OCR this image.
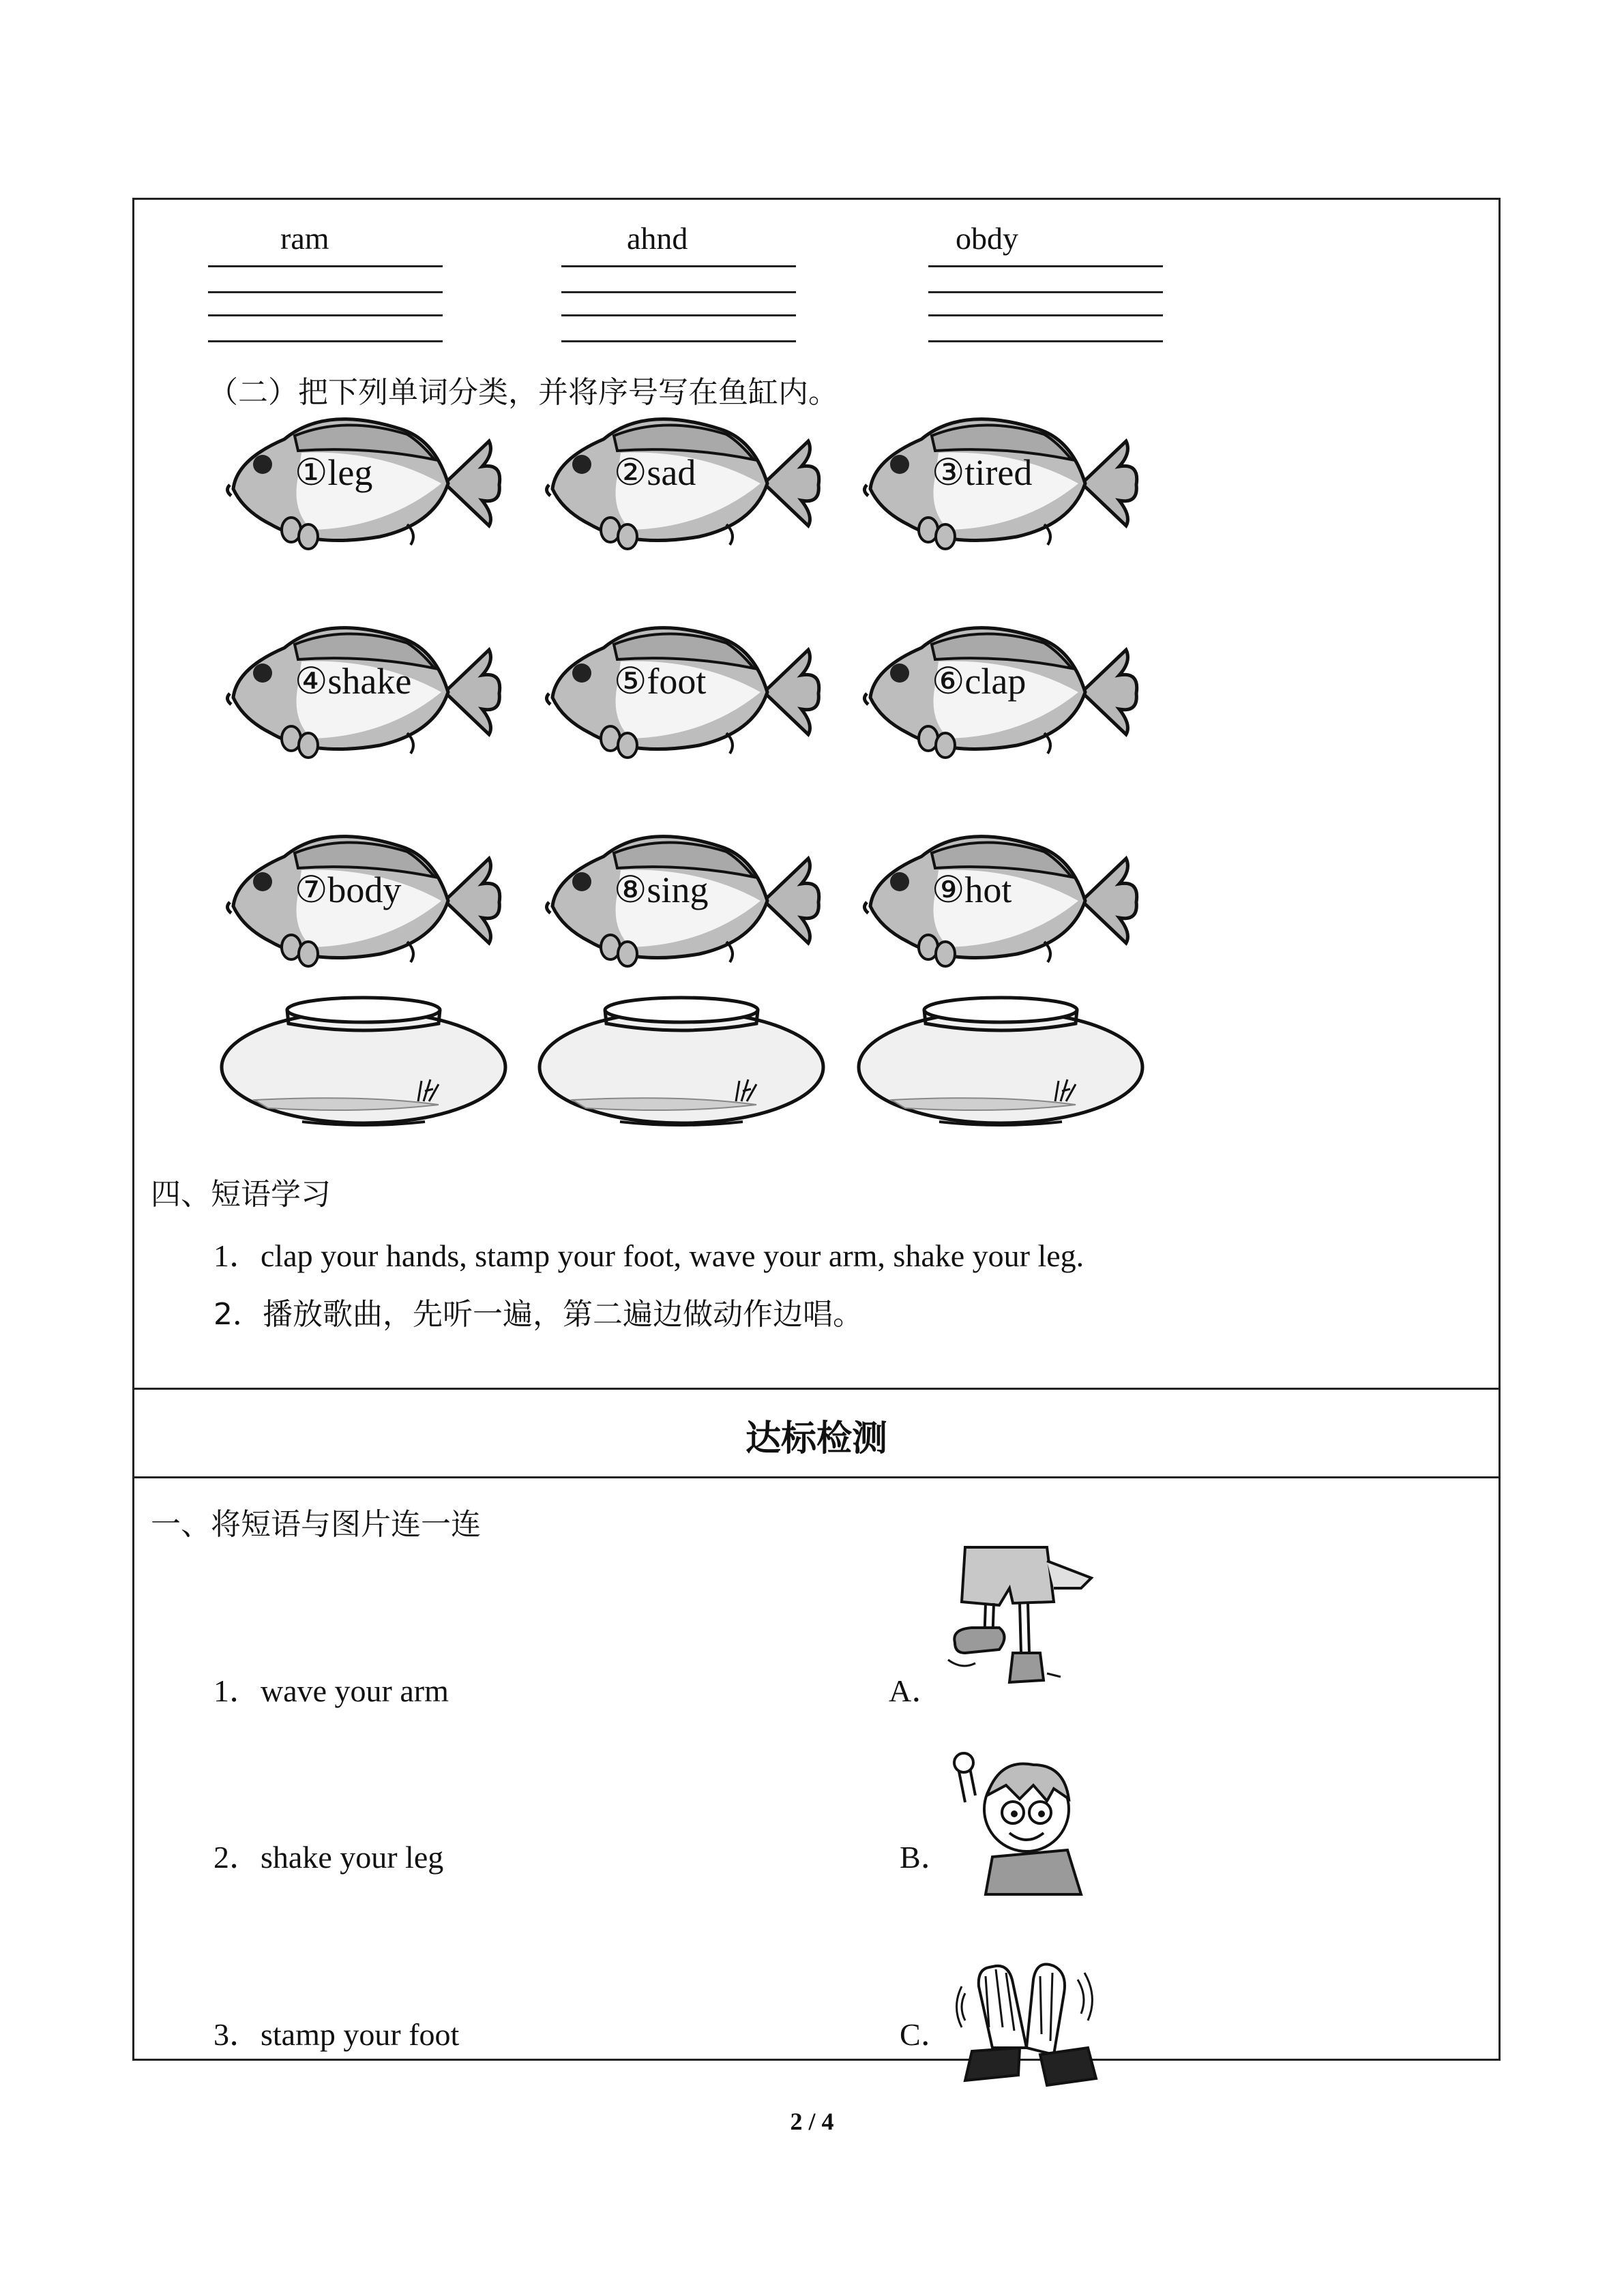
ram	ahnd	obdy
（二）把下列单词分类，并将序号写在鱼缸内。
①leg	②sad	③tired
④shake	⑤foot	⑥clap
⑦body	⑧sing	⑨hot
四、短语学习
1．clap your hands, stamp your foot, wave your arm, shake your leg.
2．播放歌曲，先听一遍，第二遍边做动作边唱。
达标检测
一、将短语与图片连一连
1．wave your arm
2．shake your leg
3．stamp your foot
A．
B．
C．
2 / 4
